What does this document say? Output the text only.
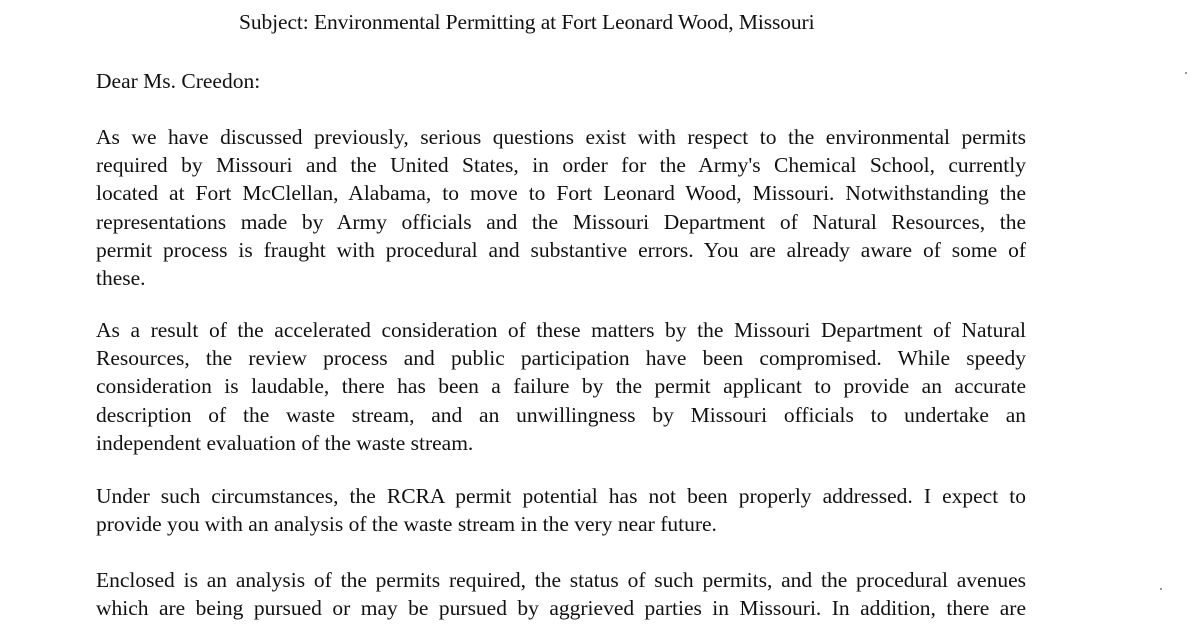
Subject: Environmental Permitting at Fort Leonard Wood, Missouri
Dear Ms. Creedon:
As we have discussed previously, serious questions exist with respect to the environmental permits
required by Missouri and the United States, in order for the Army's Chemical School, currently
located at Fort McClellan, Alabama, to move to Fort Leonard Wood, Missouri. Notwithstanding the
representations made by Army officials and the Missouri Department of Natural Resources, the
permit process is fraught with procedural and substantive errors. You are already aware of some of
these.
As a result of the accelerated consideration of these matters by the Missouri Department of Natural
Resources, the review process and public participation have been compromised. While speedy
consideration is laudable, there has been a failure by the permit applicant to provide an accurate
description of the waste stream, and an unwillingness by Missouri officials to undertake an
independent evaluation of the waste stream.
Under such circumstances, the RCRA permit potential has not been properly addressed. I expect to
provide you with an analysis of the waste stream in the very near future.
Enclosed is an analysis of the permits required, the status of such permits, and the procedural avenues
which are being pursued or may be pursued by aggrieved parties in Missouri. In addition, there are
